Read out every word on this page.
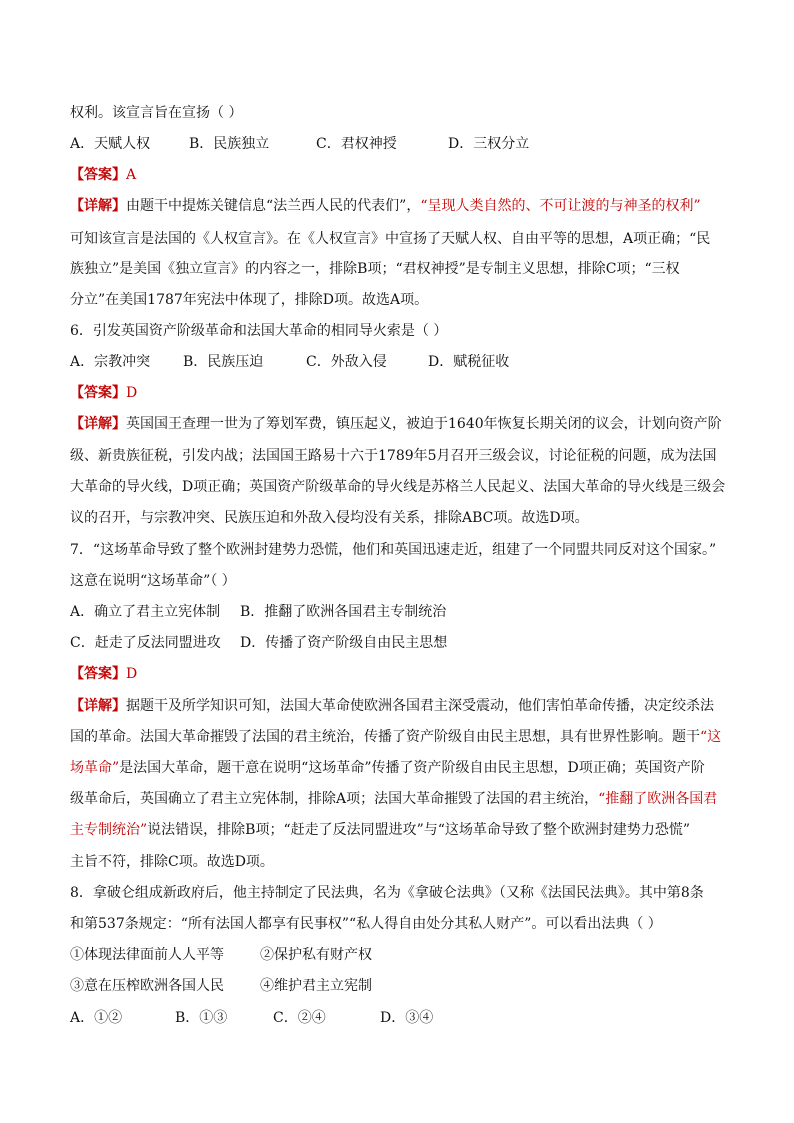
权利。该宣言旨在宣扬（ ）
A．天赋人权	B．民族独立	C．君权神授	D．三权分立
【答案】A
【详解】由题干中提炼关键信息“法兰西人民的代表们”，“呈现人类自然的、不可让渡的与神圣的权利”
可知该宣言是法国的《人权宣言》。在《人权宣言》中宣扬了天赋人权、自由平等的思想，A项正确；“民
族独立”是美国《独立宣言》的内容之一，排除B项；“君权神授”是专制主义思想，排除C项；“三权
分立”在美国1787年宪法中体现了，排除D项。故选A项。
6．引发英国资产阶级革命和法国大革命的相同导火索是（ ）
A．宗教冲突 B．民族压迫	C．外敌入侵	D．赋税征收
【答案】D
【详解】英国国王查理一世为了筹划军费，镇压起义，被迫于1640年恢复长期关闭的议会，计划向资产阶
级、新贵族征税，引发内战；法国国王路易十六于1789年5月召开三级会议，讨论征税的问题，成为法国
大革命的导火线，D项正确；英国资产阶级革命的导火线是苏格兰人民起义、法国大革命的导火线是三级会
议的召开，与宗教冲突、民族压迫和外敌入侵均没有关系，排除ABC项。故选D项。
7．“这场革命导致了整个欧洲封建势力恐慌，他们和英国迅速走近，组建了一个同盟共同反对这个国家。”
这意在说明“这场革命”（ ）
A．确立了君主立宪体制 B．推翻了欧洲各国君主专制统治
C．赶走了反法同盟进攻 D．传播了资产阶级自由民主思想
【答案】D
【详解】据题干及所学知识可知，法国大革命使欧洲各国君主深受震动，他们害怕革命传播，决定绞杀法
国的革命。法国大革命摧毁了法国的君主统治，传播了资产阶级自由民主思想，具有世界性影响。题干“这
场革命”是法国大革命，题干意在说明“这场革命”传播了资产阶级自由民主思想，D项正确；英国资产阶
级革命后，英国确立了君主立宪体制，排除A项；法国大革命摧毁了法国的君主统治，“推翻了欧洲各国君
主专制统治”说法错误，排除B项；“赶走了反法同盟进攻”与“这场革命导致了整个欧洲封建势力恐慌”
主旨不符，排除C项。故选D项。
8．拿破仑组成新政府后，他主持制定了民法典，名为《拿破仑法典》（又称《法国民法典》。其中第8条
和第537条规定：“所有法国人都享有民事权”“私人得自由处分其私人财产”。可以看出法典（ ）
①体现法律面前人人平等	②保护私有财产权
③意在压榨欧洲各国人民	④维护君主立宪制
A．①②	B．①③	C．②④	D．③④
